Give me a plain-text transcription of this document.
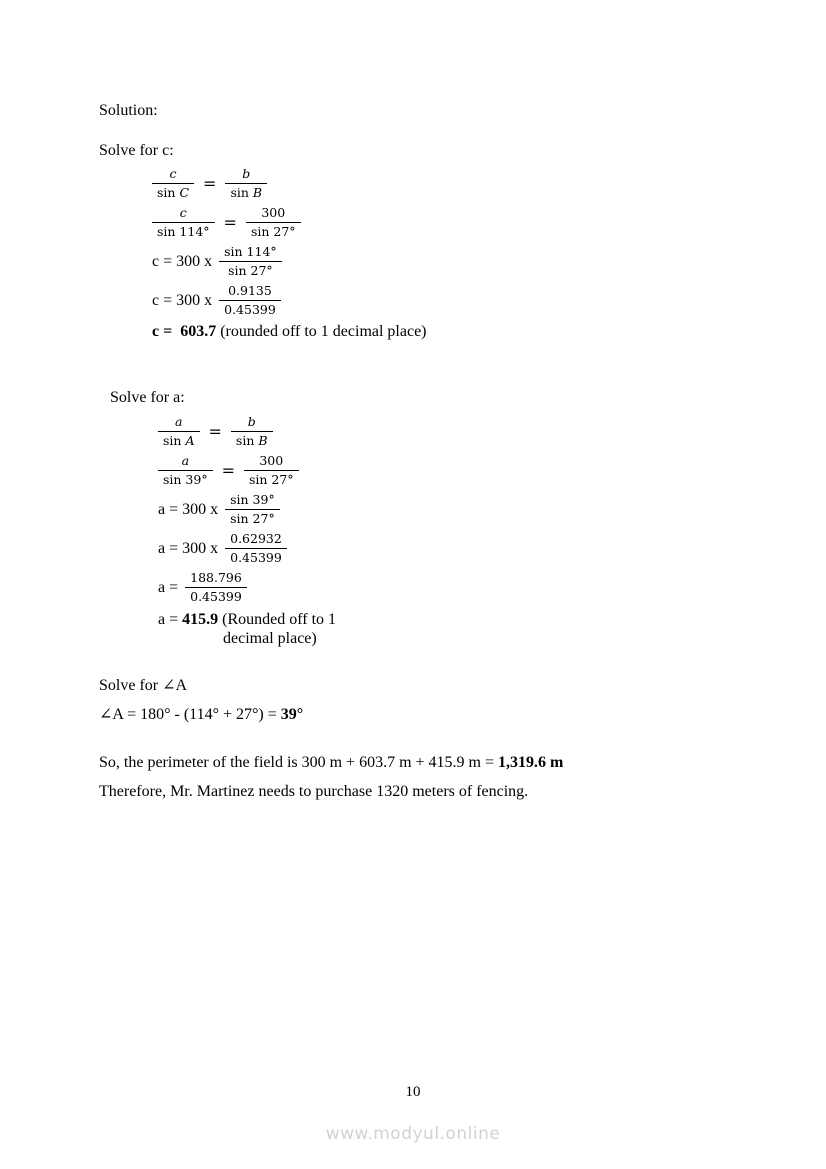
Solution:

Solve for c:

$\frac{c}{\text{sin C}} = \frac{b}{\text{sin B}}$
$\frac{c}{\sin 114^\circ} = \frac{300}{\sin 27^\circ}$
c = 300 x $\frac{\sin 114^\circ}{\sin 27^\circ}$
c = 300 x $\frac{0.9135}{0.45399}$

c =  603.7 (rounded off to 1 decimal place)

Solve for a:

$\frac{a}{\text{sin A}} = \frac{b}{\text{sin B}}$
$\frac{a}{\sin 39^\circ} = \frac{300}{\sin 27^\circ}$
a = 300 x $\frac{\sin 39^\circ}{\sin 27^\circ}$
a = 300 x $\frac{0.62932}{0.45399}$
$a = \frac{188.796}{0.45399}$

a = 415.9 (Rounded off to 1

decimal place)

Solve for ∠A

∠A = 180° - (114° + 27°) = 39°

So, the perimeter of the field is 300 m + 603.7 m + 415.9 m = 1,319.6 m

Therefore, Mr. Martinez needs to purchase 1320 meters of fencing.

10
www.modyul.online
